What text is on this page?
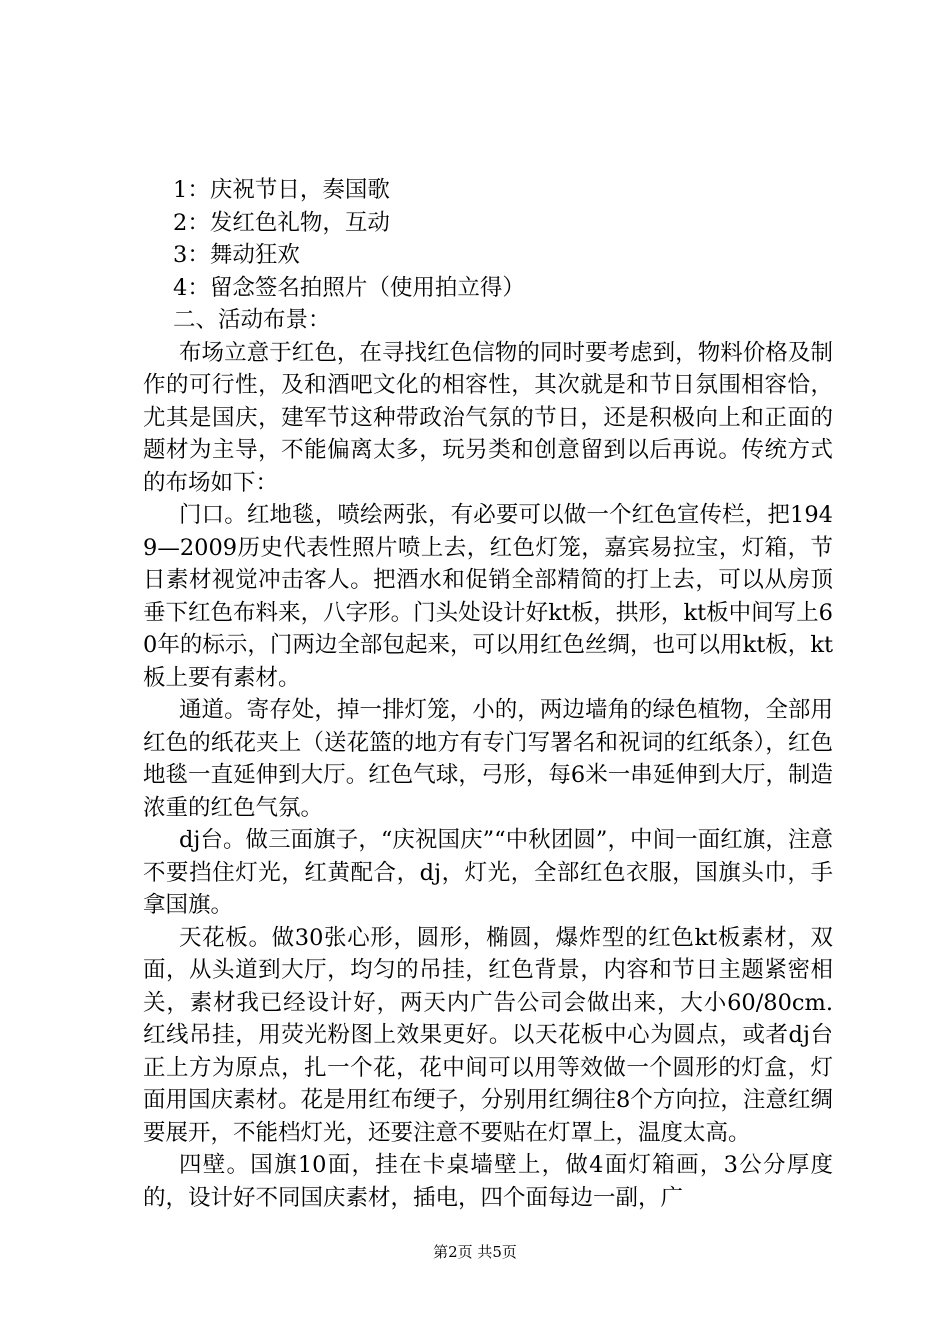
1：庆祝节日，奏国歌
2：发红色礼物，互动
3：舞动狂欢
4：留念签名拍照片（使用拍立得）
二、活动布景：

布场立意于红色，在寻找红色信物的同时要考虑到，物料价格及制作的可行性，及和酒吧文化的相容性，其次就是和节日氛围相容恰，尤其是国庆，建军节这种带政治气氛的节日，还是积极向上和正面的题材为主导，不能偏离太多，玩另类和创意留到以后再说。传统方式的布场如下：

门口。红地毯，喷绘两张，有必要可以做一个红色宣传栏，把1949—2009历史代表性照片喷上去，红色灯笼，嘉宾易拉宝，灯箱，节日素材视觉冲击客人。把酒水和促销全部精简的打上去，可以从房顶垂下红色布料来，八字形。门头处设计好kt板，拱形，kt板中间写上60年的标示，门两边全部包起来，可以用红色丝绸，也可以用kt板，kt板上要有素材。

通道。寄存处，掉一排灯笼，小的，两边墙角的绿色植物，全部用红色的纸花夹上（送花篮的地方有专门写署名和祝词的红纸条），红色地毯一直延伸到大厅。红色气球，弓形，每6米一串延伸到大厅，制造浓重的红色气氛。

dj台。做三面旗子，“庆祝国庆”“中秋团圆”，中间一面红旗，注意不要挡住灯光，红黄配合，dj，灯光，全部红色衣服，国旗头巾，手拿国旗。

天花板。做30张心形，圆形，椭圆，爆炸型的红色kt板素材，双面，从头道到大厅，均匀的吊挂，红色背景，内容和节日主题紧密相关，素材我已经设计好，两天内广告公司会做出来，大小60/80cm.红线吊挂，用荧光粉图上效果更好。以天花板中心为圆点，或者dj台正上方为原点，扎一个花，花中间可以用等效做一个圆形的灯盒，灯面用国庆素材。花是用红布绠子，分别用红绸往8个方向拉，注意红绸要展开，不能档灯光，还要注意不要贴在灯罩上，温度太高。

四壁。国旗10面，挂在卡桌墙壁上，做4面灯箱画，3公分厚度的，设计好不同国庆素材，插电，四个面每边一副，广

第2页 共5页
